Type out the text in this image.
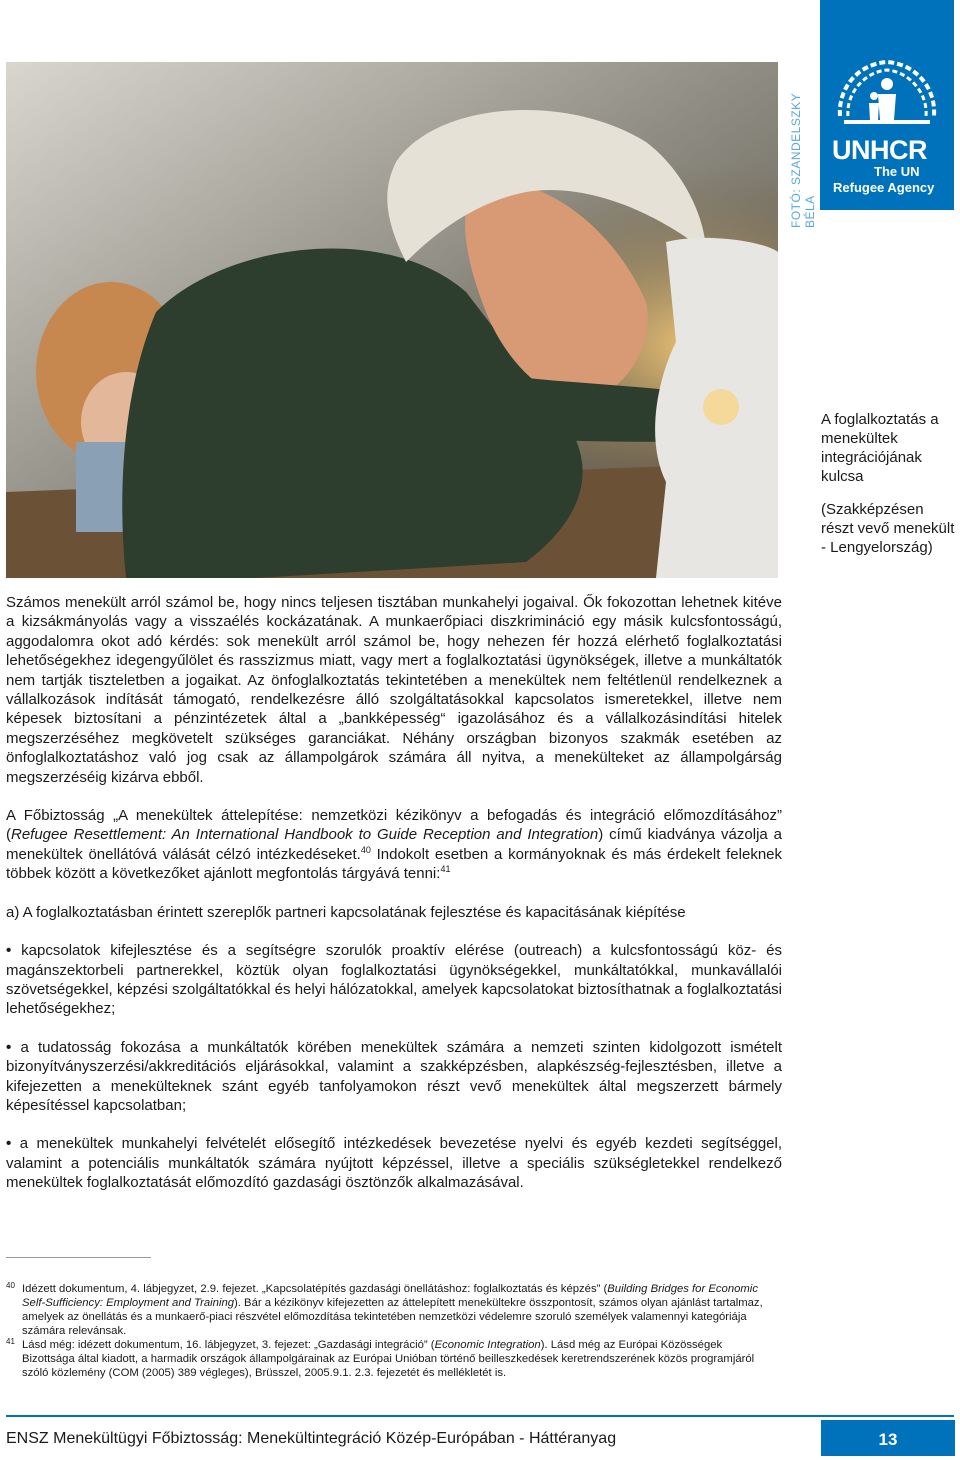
FOTÓ: SZANDELSZKY BÉLA
UNHCR
The UN
Refugee Agency

A foglalkoztatás a menekültek integrációjának kulcsa

(Szakképzésen részt vevő menekült - Lengyelország)

Számos menekült arról számol be, hogy nincs teljesen tisztában munkahelyi jogaival. Ők fokozottan lehetnek kitéve a kizsákmányolás vagy a visszaélés kockázatának. A munkaerőpiaci diszkrimináció egy másik kulcsfontosságú, aggodalomra okot adó kérdés: sok menekült arról számol be, hogy nehezen fér hozzá elérhető foglalkoztatási lehetőségekhez idegengyűlölet és rasszizmus miatt, vagy mert a foglalkoztatási ügynökségek, illetve a munkáltatók nem tartják tiszteletben a jogaikat. Az önfoglalkoztatás tekintetében a menekültek nem feltétlenül rendelkeznek a vállalkozások indítását támogató, rendelkezésre álló szolgáltatásokkal kapcsolatos ismeretekkel, illetve nem képesek biztosítani a pénzintézetek által a „bankképesség“ igazolásához és a vállalkozásindítási hitelek megszerzéséhez megkövetelt szükséges garanciákat. Néhány országban bizonyos szakmák esetében az önfoglalkoztatáshoz való jog csak az állampolgárok számára áll nyitva, a menekülteket az állampolgárság megszerzéséig kizárva ebből.

A Főbiztosság „A menekültek áttelepítése: nemzetközi kézikönyv a befogadás és integráció előmozdításához” (Refugee Resettlement: An International Handbook to Guide Reception and Integration) című kiadványa vázolja a menekültek önellátóvá válását célzó intézkedéseket.$^{40}$ Indokolt esetben a kormányoknak és más érdekelt feleknek többek között a következőket ajánlott megfontolás tárgyává tenni:$^{41}$

a) A foglalkoztatásban érintett szereplők partneri kapcsolatának fejlesztése és kapacitásának kiépítése

• kapcsolatok kifejlesztése és a segítségre szorulók proaktív elérése (outreach) a kulcsfontosságú köz- és magánszektorbeli partnerekkel, köztük olyan foglalkoztatási ügynökségekkel, munkáltatókkal, munkavállalói szövetségekkel, képzési szolgáltatókkal és helyi hálózatokkal, amelyek kapcsolatokat biztosíthatnak a foglalkoztatási lehetőségekhez;
• a tudatosság fokozása a munkáltatók körében menekültek számára a nemzeti szinten kidolgozott ismételt bizonyítványszerzési/akkreditációs eljárásokkal, valamint a szakképzésben, alapkészség-fejlesztésben, illetve a kifejezetten a menekülteknek szánt egyéb tanfolyamokon részt vevő menekültek által megszerzett bármely képesítéssel kapcsolatban;
• a menekültek munkahelyi felvételét elősegítő intézkedések bevezetése nyelvi és egyéb kezdeti segítséggel, valamint a potenciális munkáltatók számára nyújtott képzéssel, illetve a speciális szükségletekkel rendelkező menekültek foglalkoztatását előmozdító gazdasági ösztönzők alkalmazásával.
40 Idézett dokumentum, 4. lábjegyzet, 2.9. fejezet. „Kapcsolatépítés gazdasági önellátáshoz: foglalkoztatás és képzés” (Building Bridges for Economic Self-Sufficiency: Employment and Training). Bár a kézikönyv kifejezetten az áttelepített menekültekre összpontosít, számos olyan ajánlást tartalmaz, amelyek az önellátás és a munkaerő-piaci részvétel előmozdítása tekintetében nemzetközi védelemre szoruló személyek valamennyi kategóriája számára relevánsak.
41 Lásd még: idézett dokumentum, 16. lábjegyzet, 3. fejezet: „Gazdasági integráció” (Economic Integration). Lásd még az Európai Közösségek Bizottsága által kiadott, a harmadik országok állampolgárainak az Európai Unióban történő beilleszkedések keretrendszerének közös programjáról szóló közlemény (COM (2005) 389 végleges), Brüsszel, 2005.9.1. 2.3. fejezetét és mellékletét is.
ENSZ Menekültügyi Főbiztosság: Menekültintegráció Közép-Európában - Háttéranyag	13
